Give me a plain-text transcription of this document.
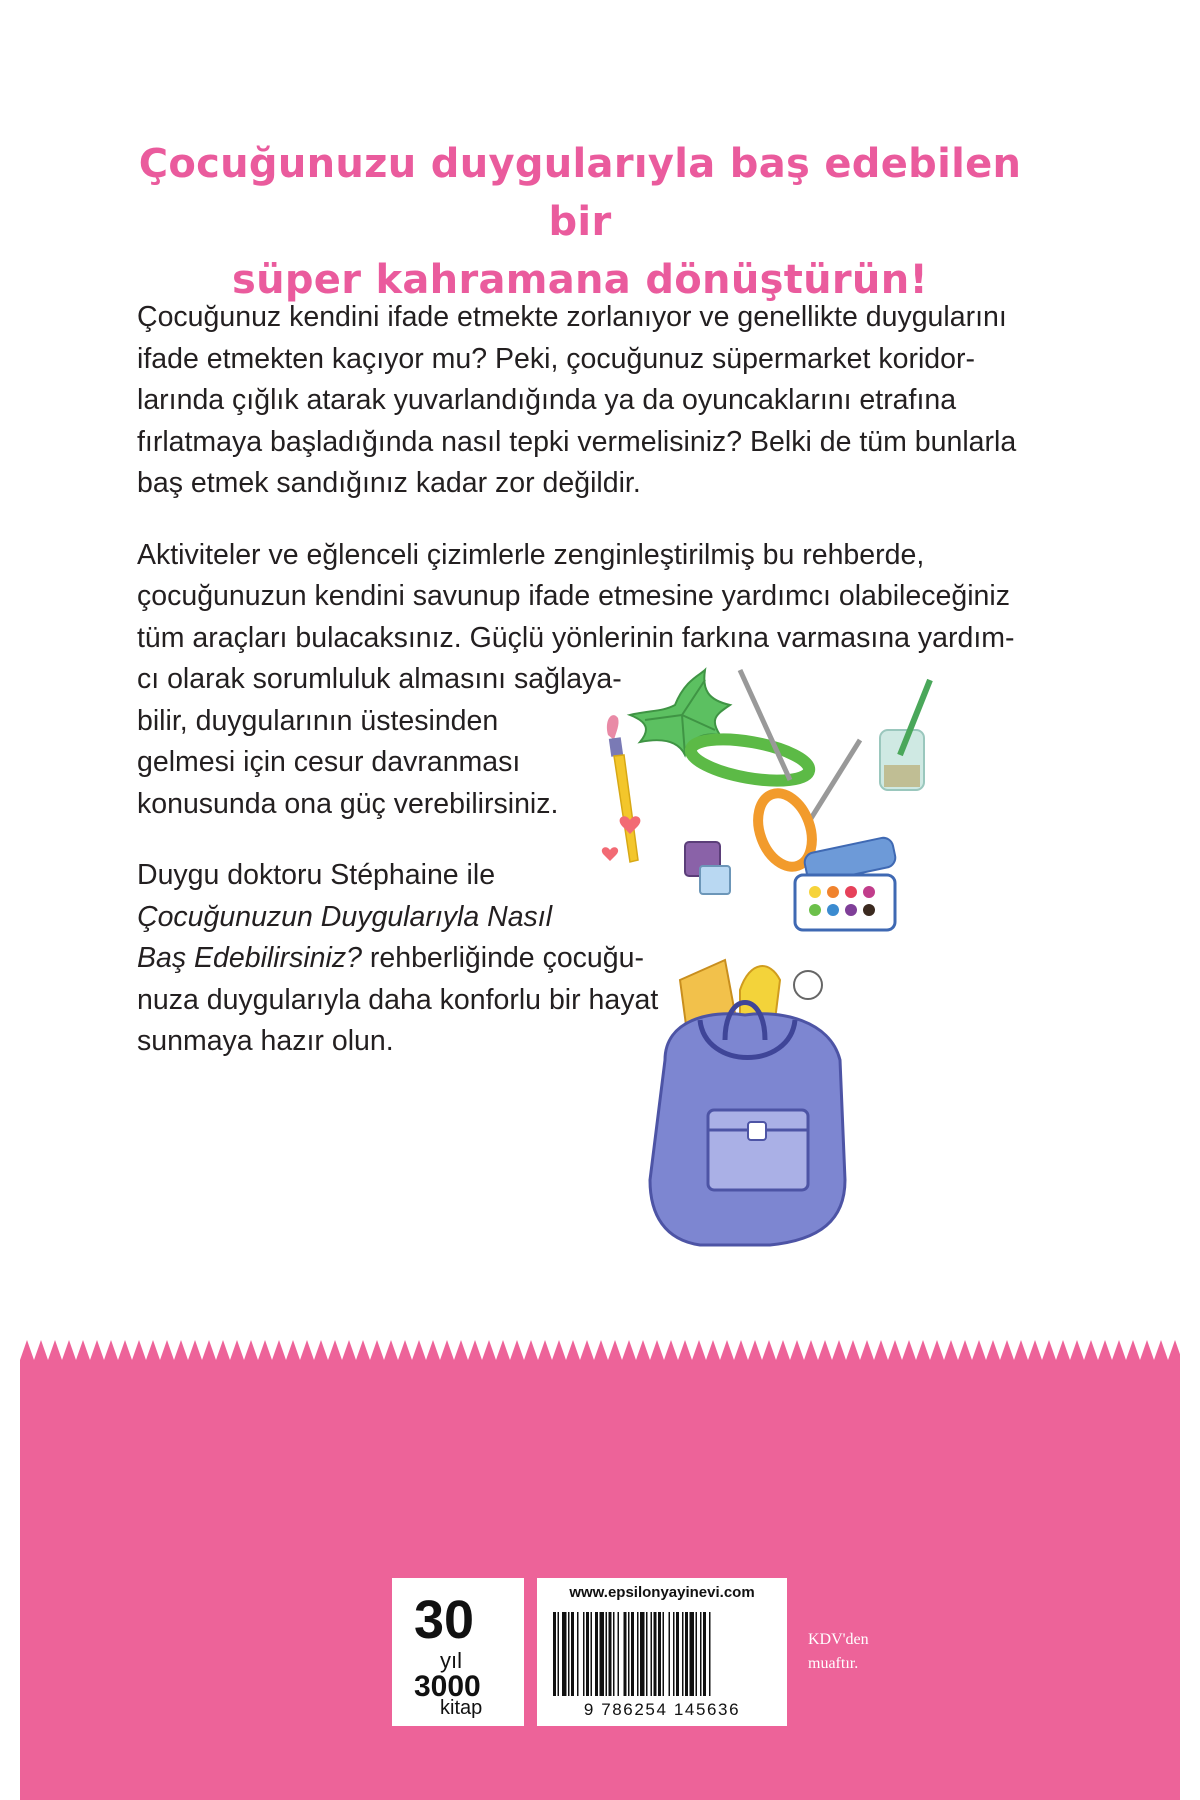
Çocuğunuzu duygularıyla baş edebilen bir
süper kahramana dönüştürün!
Çocuğunuz kendini ifade etmekte zorlanıyor ve genellikte duygularını
ifade etmekten kaçıyor mu? Peki, çocuğunuz süpermarket koridor-
larında çığlık atarak yuvarlandığında ya da oyuncaklarını etrafına
fırlatmaya başladığında nasıl tepki vermelisiniz? Belki de tüm bunlarla
baş etmek sandığınız kadar zor değildir.
Aktiviteler ve eğlenceli çizimlerle zenginleştirilmiş bu rehberde,
çocuğunuzun kendini savunup ifade etmesine yardımcı olabileceğiniz
tüm araçları bulacaksınız. Güçlü yönlerinin farkına varmasına yardım-
cı olarak sorumluluk almasını sağlaya-
bilir, duygularının üstesinden
gelmesi için cesur davranması
konusunda ona güç verebilirsiniz.
Duygu doktoru Stéphaine ile
Çocuğunuzun Duygularıyla Nasıl
Baş Edebilirsiniz? rehberliğinde çocuğu-
nuza duygularıyla daha konforlu bir hayat
sunmaya hazır olun.
30
yıl
3000
kitap
www.epsilonyayinevi.com
9 786254 145636
KDV'den
muaftır.
